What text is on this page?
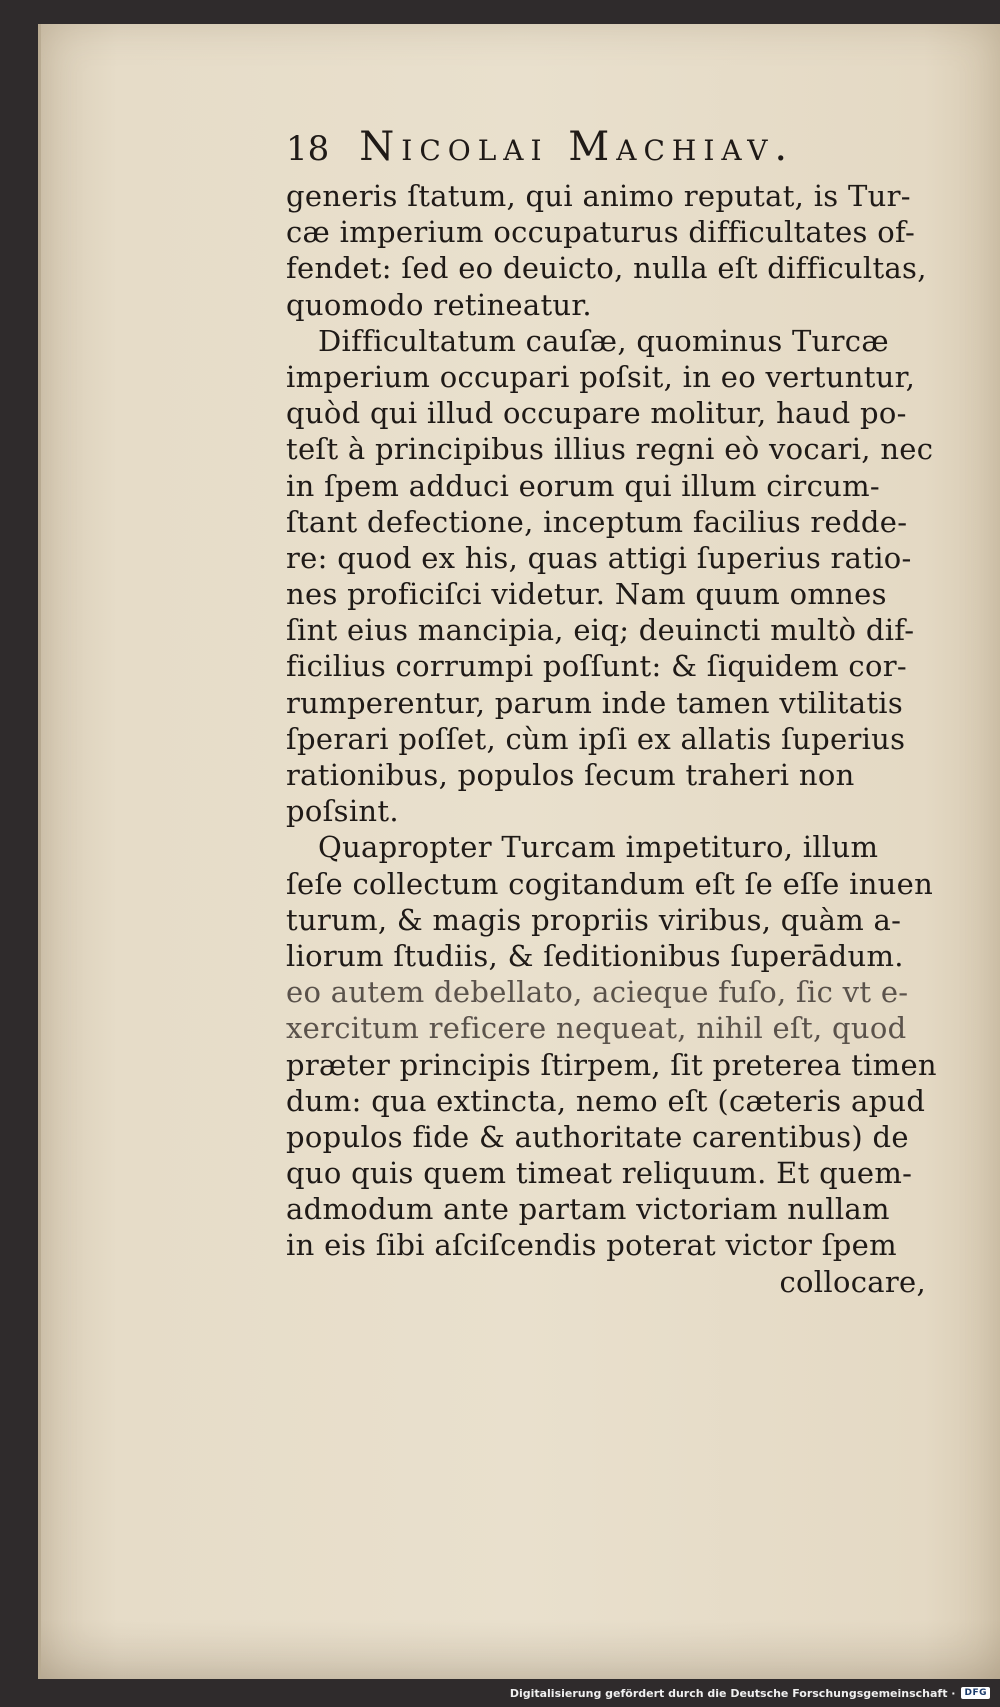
18 Nicolai Machiav.
generis ſtatum, qui animo reputat, is Tur-
cæ imperium occupaturus difficultates of-
fendet: ſed eo deuicto, nulla eſt difficultas,
quomodo retineatur.
Difficultatum cauſæ, quominus Turcæ
imperium occupari poſsit, in eo vertuntur,
quòd qui illud occupare molitur, haud po-
teſt à principibus illius regni eò vocari, nec
in ſpem adduci eorum qui illum circum-
ſtant defectione, inceptum facilius redde-
re: quod ex his, quas attigi ſuperius ratio-
nes proficiſci videtur. Nam quum omnes
ſint eius mancipia, eiq; deuincti multò dif-
ficilius corrumpi poſſunt: & ſiquidem cor-
rumperentur, parum inde tamen vtilitatis
ſperari poſſet, cùm ipſi ex allatis ſuperius
rationibus, populos ſecum traheri non
poſsint.
Quapropter Turcam impetituro, illum
ſeſe collectum cogitandum eſt ſe eſſe inuen
turum, & magis propriis viribus, quàm a-
liorum ſtudiis, & ſeditionibus ſuperādum.
eo autem debellato, acieque fuſo, ſic vt e-
xercitum reficere nequeat, nihil eſt, quod
præter principis ſtirpem, ſit preterea timen
dum: qua extincta, nemo eſt (cæteris apud
populos fide & authoritate carentibus) de
quo quis quem timeat reliquum. Et quem-
admodum ante partam victoriam nullam
in eis ſibi aſciſcendis poterat victor ſpem
collocare,
Digitalisierung gefördert durch die Deutsche Forschungsgemeinschaft ·	DFG
